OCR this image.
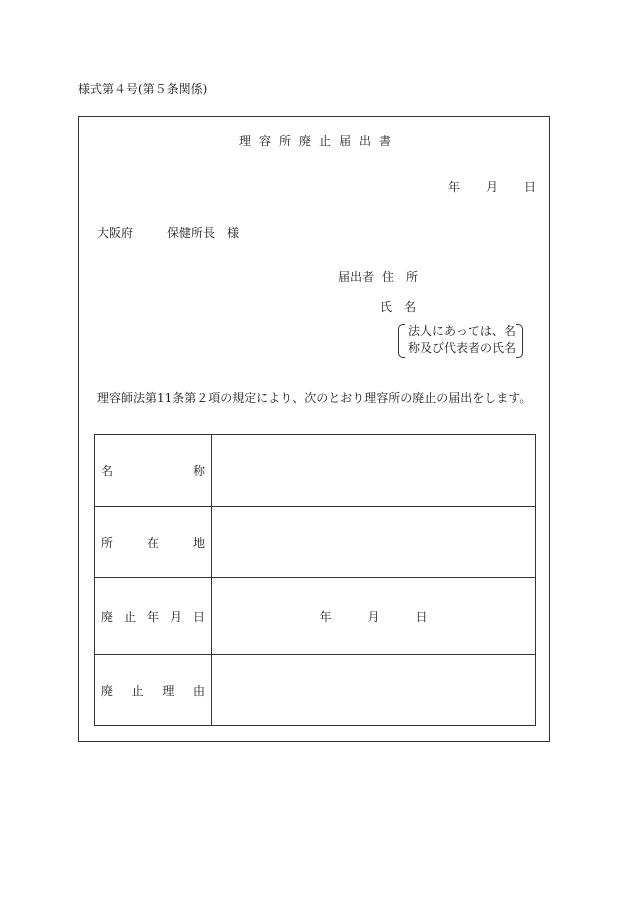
様式第４号(第５条関係)
理容所廃止届出書
年 月 日
大阪府	保健所長 様
届出者 住　所
氏　名
法人にあっては、名
称及び代表者の氏名
理容師法第11条第２項の規定により、次のとおり理容所の廃止の届出をします。
名 称	

所 在 地	

廃 止 年 月 日	年 月 日

廃 止 理 由	
